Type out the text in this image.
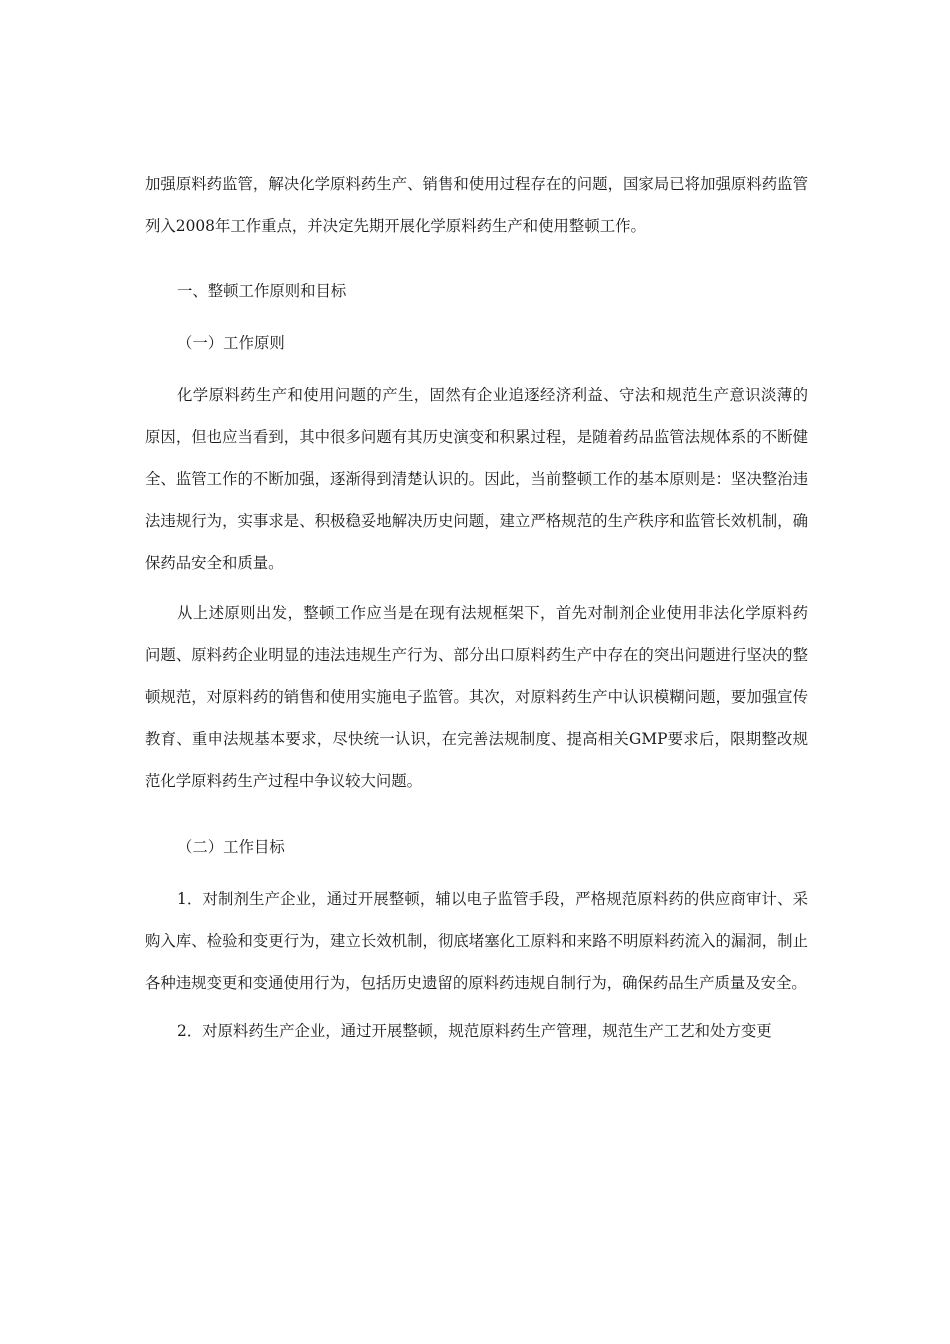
加强原料药监管，解决化学原料药生产、销售和使用过程存在的问题，国家局已将加强原料药监管列入2008年工作重点，并决定先期开展化学原料药生产和使用整顿工作。

一、整顿工作原则和目标

（一）工作原则

化学原料药生产和使用问题的产生，固然有企业追逐经济利益、守法和规范生产意识淡薄的原因，但也应当看到，其中很多问题有其历史演变和积累过程，是随着药品监管法规体系的不断健全、监管工作的不断加强，逐渐得到清楚认识的。因此，当前整顿工作的基本原则是：坚决整治违法违规行为，实事求是、积极稳妥地解决历史问题，建立严格规范的生产秩序和监管长效机制，确保药品安全和质量。

从上述原则出发，整顿工作应当是在现有法规框架下，首先对制剂企业使用非法化学原料药问题、原料药企业明显的违法违规生产行为、部分出口原料药生产中存在的突出问题进行坚决的整顿规范，对原料药的销售和使用实施电子监管。其次，对原料药生产中认识模糊问题，要加强宣传教育、重申法规基本要求，尽快统一认识，在完善法规制度、提高相关GMP要求后，限期整改规范化学原料药生产过程中争议较大问题。

（二）工作目标

1．对制剂生产企业，通过开展整顿，辅以电子监管手段，严格规范原料药的供应商审计、采购入库、检验和变更行为，建立长效机制，彻底堵塞化工原料和来路不明原料药流入的漏洞，制止各种违规变更和变通使用行为，包括历史遗留的原料药违规自制行为，确保药品生产质量及安全。

2．对原料药生产企业，通过开展整顿，规范原料药生产管理，规范生产工艺和处方变更
